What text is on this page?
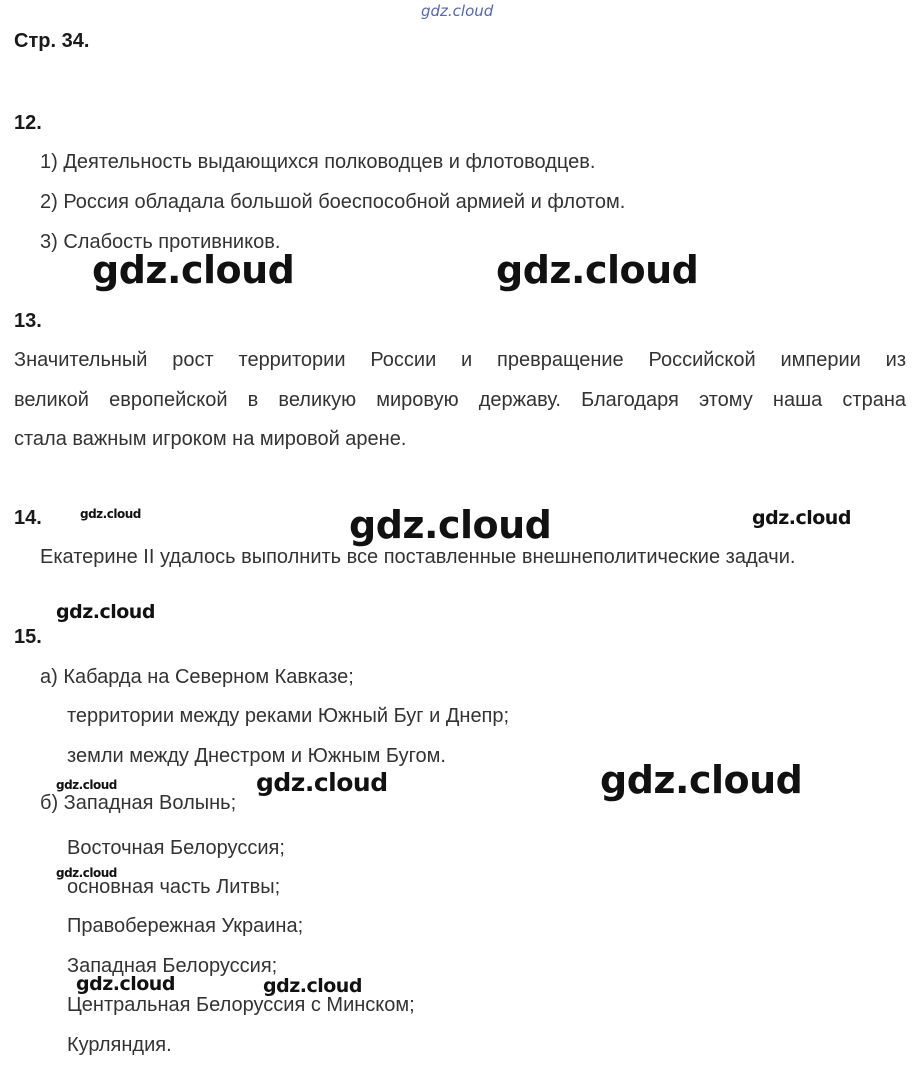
gdz.cloud
Стр. 34.
12.
1) Деятельность выдающихся полководцев и флотоводцев.
2) Россия обладала большой боеспособной армией и флотом.
3) Слабость противников.
gdz.cloud	gdz.cloud
13.
Значительный рост территории России и превращение Российской империи из
великой европейской в великую мировую державу. Благодаря этому наша страна
стала важным игроком на мировой арене.
14.	gdz.cloud	gdz.cloud	gdz.cloud
Екатерине II удалось выполнить все поставленные внешнеполитические задачи.
gdz.cloud
15.
а) Кабарда на Северном Кавказе;
территории между реками Южный Буг и Днепр;
земли между Днестром и Южным Бугом.
gdz.cloud	gdz.cloud	gdz.cloud
б) Западная Волынь;
Восточная Белоруссия;
gdz.cloud
основная часть Литвы;
Правобережная Украина;
Западная Белоруссия;
gdz.cloud	gdz.cloud
Центральная Белоруссия с Минском;
Курляндия.
